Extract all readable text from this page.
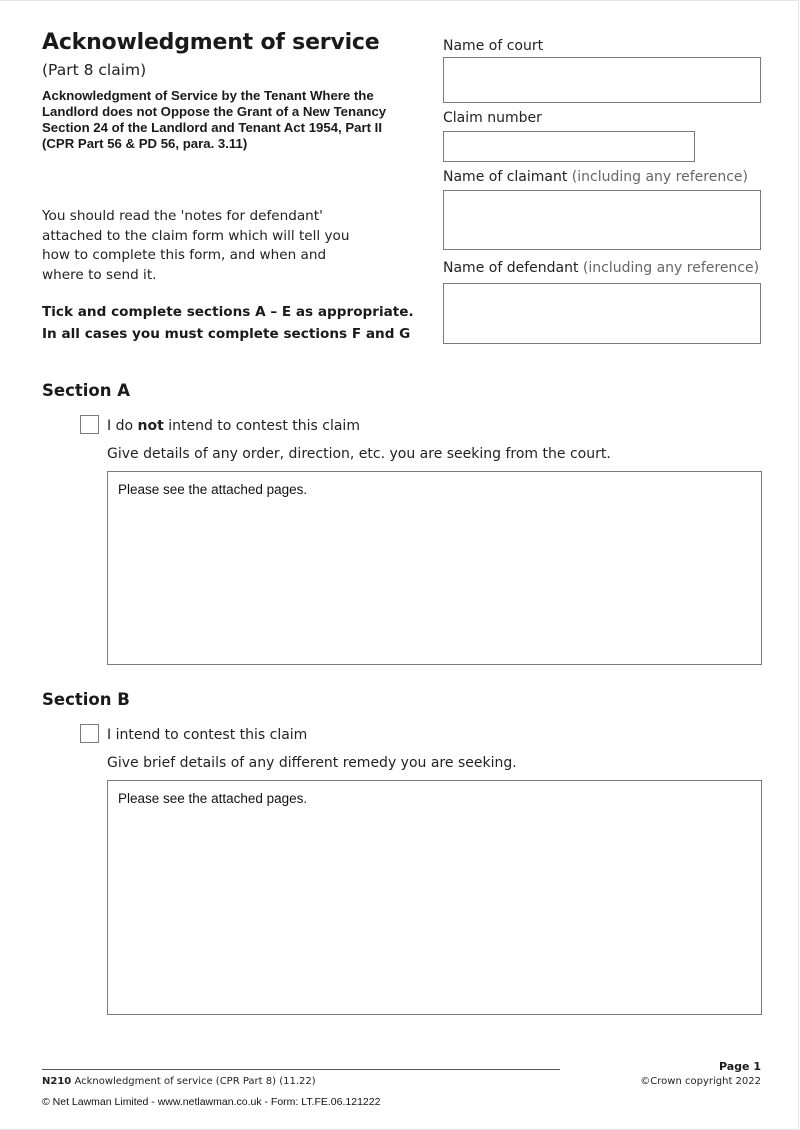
Acknowledgment of service
(Part 8 claim)
Acknowledgment of Service by the Tenant Where the
Landlord does not Oppose the Grant of a New Tenancy
Section 24 of the Landlord and Tenant Act 1954, Part II
(CPR Part 56 & PD 56, para. 3.11)
You should read the 'notes for defendant'
attached to the claim form which will tell you
how to complete this form, and when and
where to send it.
Tick and complete sections A – E as appropriate.
In all cases you must complete sections F and G
Name of court
Claim number
Name of claimant (including any reference)
Name of defendant (including any reference)
Section A
I do not intend to contest this claim
Give details of any order, direction, etc. you are seeking from the court.
Please see the attached pages.
Section B
I intend to contest this claim
Give brief details of any different remedy you are seeking.
Please see the attached pages.
N210 Acknowledgment of service (CPR Part 8) (11.22)
Page 1
©Crown copyright 2022
© Net Lawman Limited - www.netlawman.co.uk - Form: LT.FE.06.121222
